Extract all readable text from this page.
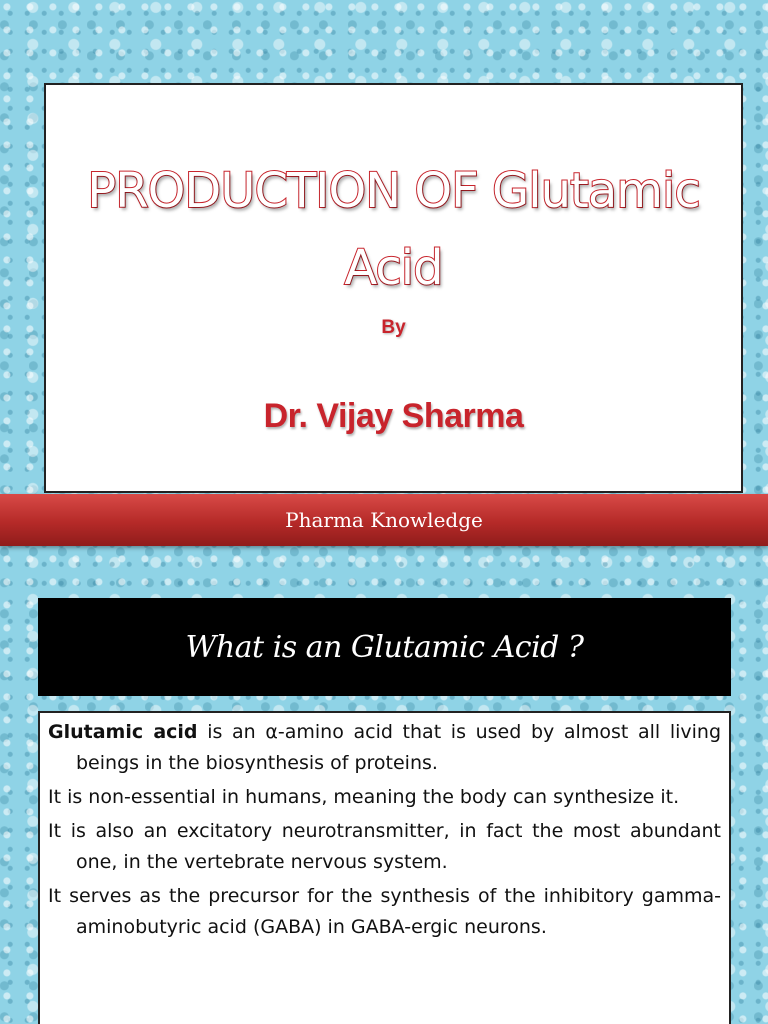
PRODUCTION OF Glutamic
Acid
By
Dr. Vijay Sharma
Pharma Knowledge
What is an Glutamic Acid ?

Glutamic acid is an α-amino acid that is used by almost all living beings in the biosynthesis of proteins.

It is non-essential in humans, meaning the body can synthesize it.

It is also an excitatory neurotransmitter, in fact the most abundant one, in the vertebrate nervous system.

It serves as the precursor for the synthesis of the inhibitory gamma-aminobutyric acid (GABA) in GABA-ergic neurons.
